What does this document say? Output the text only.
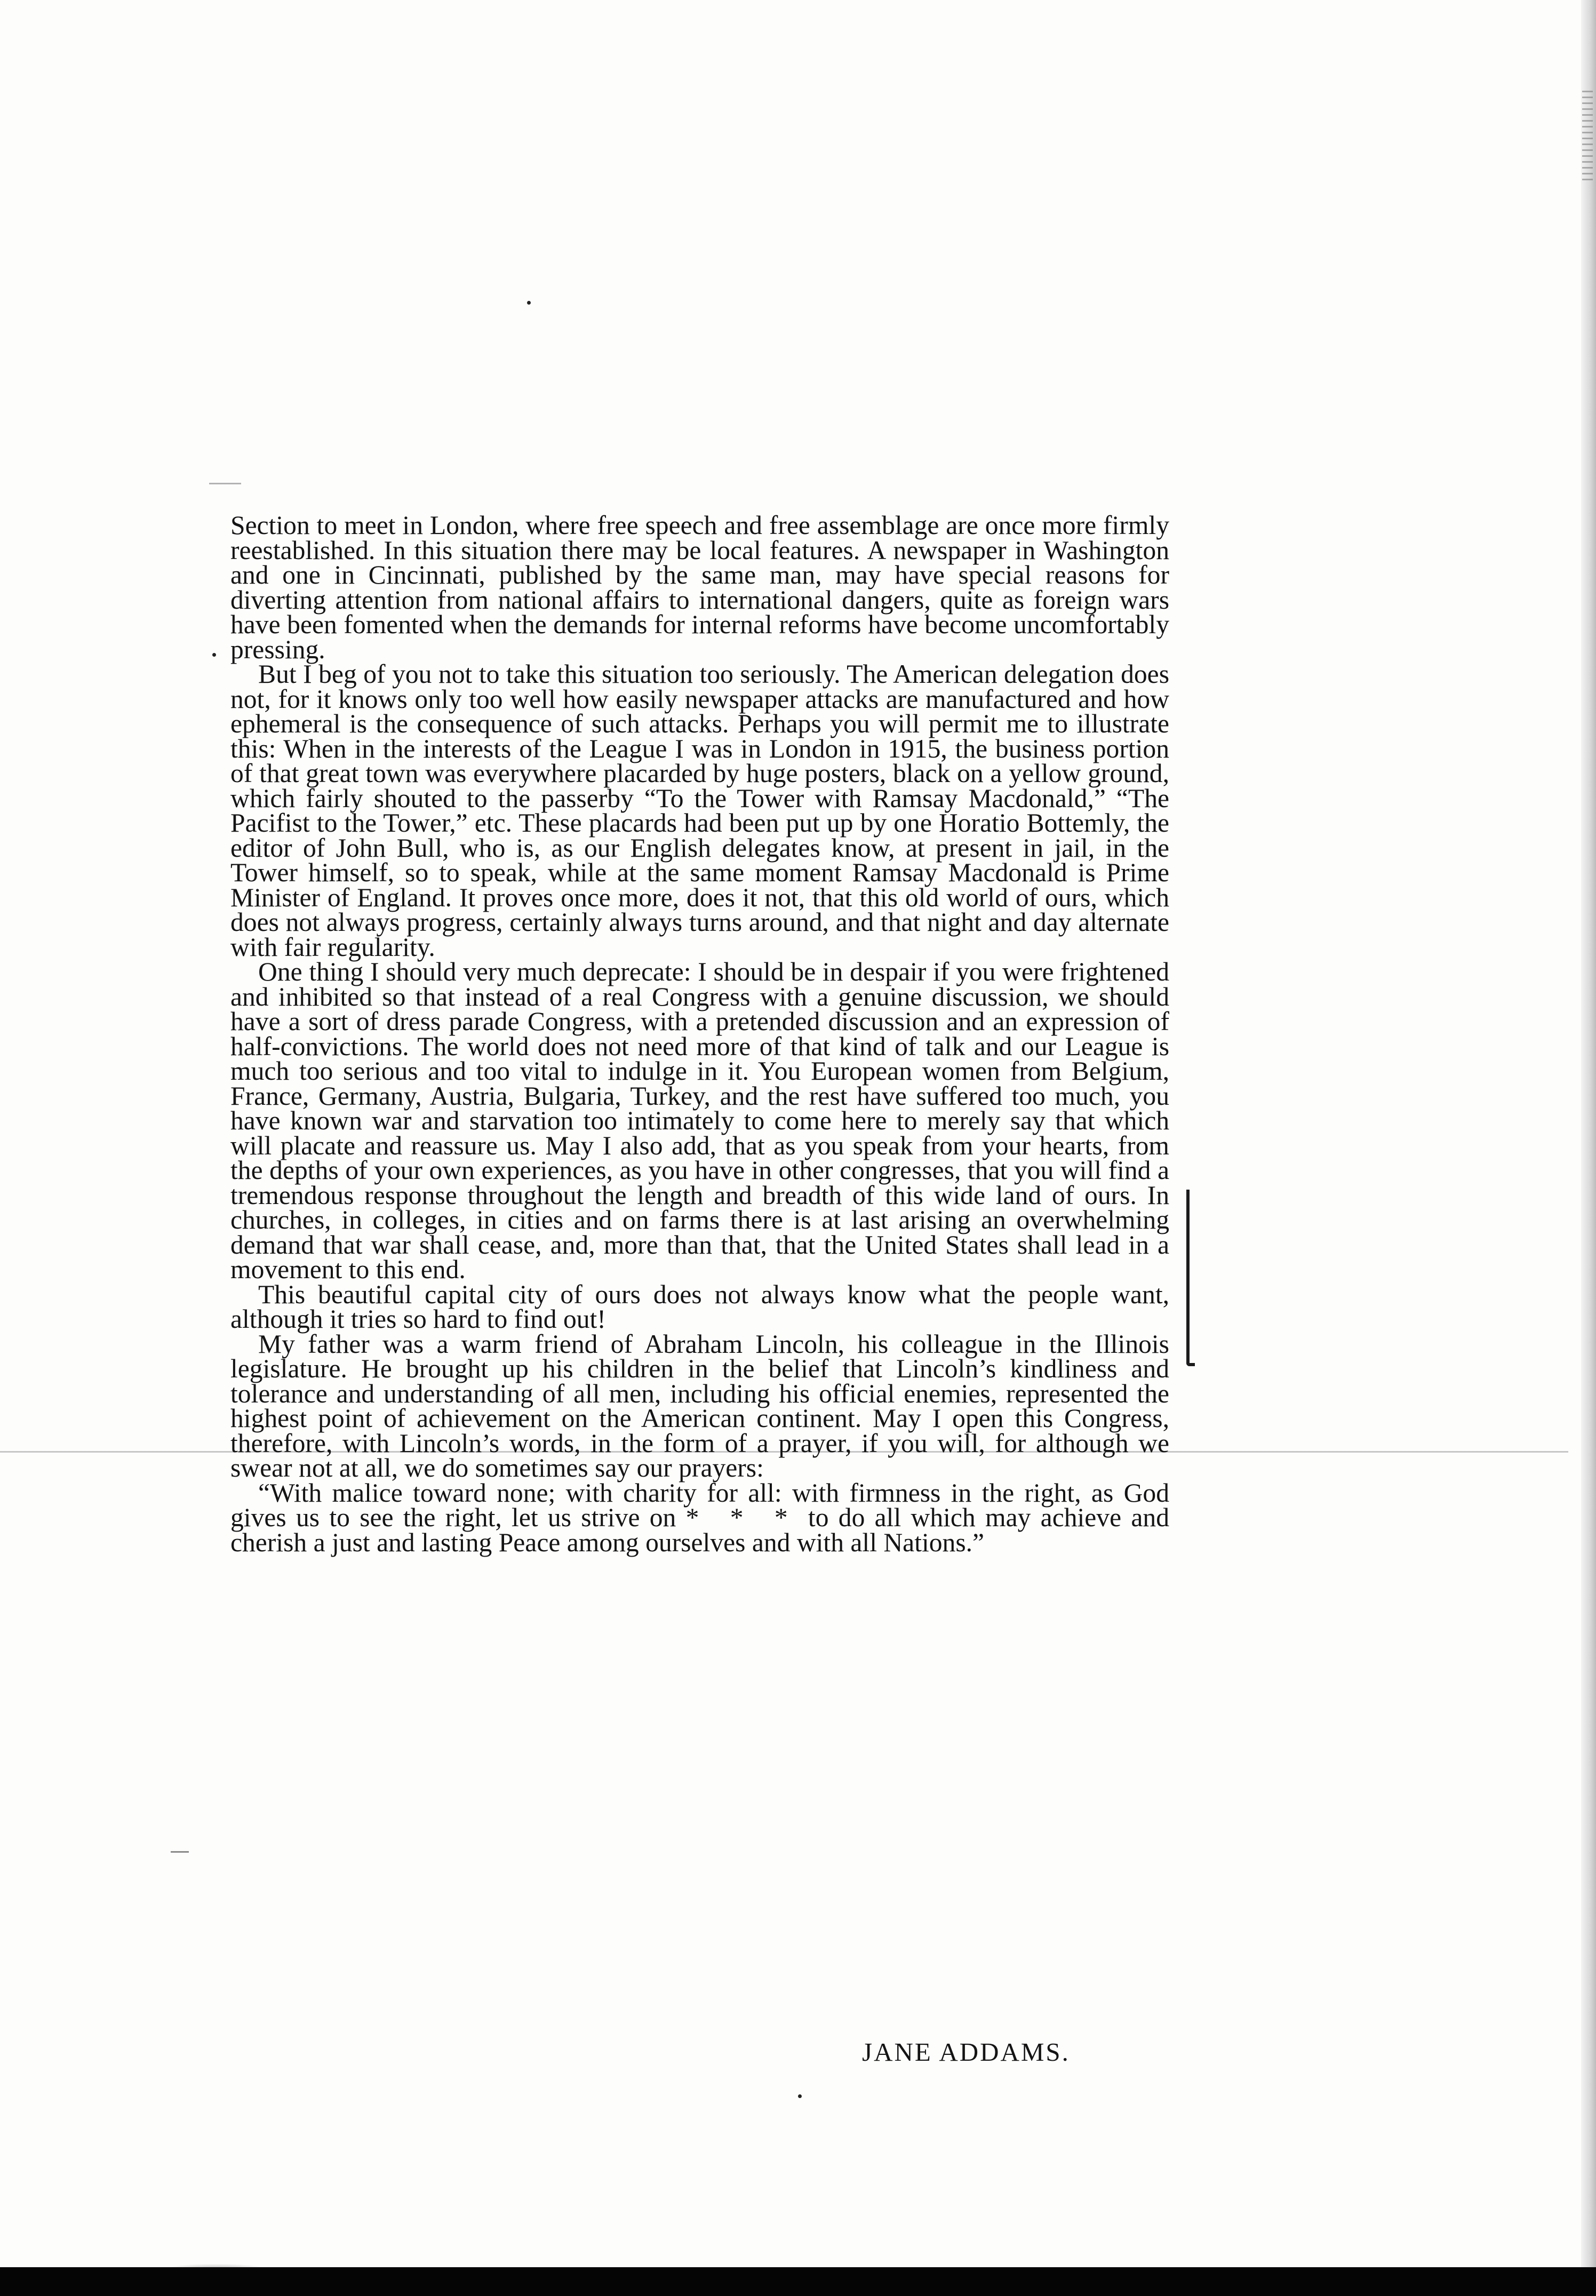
Section to meet in London, where free speech and free assemblage are once more firmly reestablished. In this situation there may be local features. A newspaper in Washington and one in Cincinnati, published by the same man, may have special reasons for diverting attention from national affairs to international dangers, quite as foreign wars have been fomented when the demands for internal reforms have become uncomfortably pressing.

But I beg of you not to take this situation too seriously. The American delegation does not, for it knows only too well how easily newspaper attacks are manufactured and how ephemeral is the consequence of such attacks. Perhaps you will permit me to illustrate this: When in the interests of the League I was in London in 1915, the business portion of that great town was everywhere placarded by huge posters, black on a yellow ground, which fairly shouted to the passerby “To the Tower with Ramsay Macdonald,” “The Pacifist to the Tower,” etc. These placards had been put up by one Horatio Bottemly, the editor of John Bull, who is, as our English delegates know, at present in jail, in the Tower himself, so to speak, while at the same moment Ramsay Macdonald is Prime Minister of England. It proves once more, does it not, that this old world of ours, which does not always progress, certainly always turns around, and that night and day alternate with fair regularity.

One thing I should very much deprecate: I should be in despair if you were frightened and inhibited so that instead of a real Congress with a genuine discussion, we should have a sort of dress parade Congress, with a pretended discussion and an expression of half-convictions. The world does not need more of that kind of talk and our League is much too serious and too vital to indulge in it. You European women from Belgium, France, Germany, Austria, Bulgaria, Turkey, and the rest have suffered too much, you have known war and starvation too intimately to come here to merely say that which will placate and reassure us. May I also add, that as you speak from your hearts, from the depths of your own experiences, as you have in other congresses, that you will find a tremendous response throughout the length and breadth of this wide land of ours. In churches, in colleges, in cities and on farms there is at last arising an overwhelming demand that war shall cease, and, more than that, that the United States shall lead in a movement to this end.

This beautiful capital city of ours does not always know what the people want, although it tries so hard to find out!

My father was a warm friend of Abraham Lincoln, his colleague in the Illinois legislature. He brought up his children in the belief that Lincoln’s kindliness and tolerance and understanding of all men, including his official enemies, represented the highest point of achievement on the American continent. May I open this Congress, therefore, with Lincoln’s words, in the form of a prayer, if you will, for although we swear not at all, we do sometimes say our prayers:

“With malice toward none; with charity for all: with firmness in the right, as God gives us to see the right, let us strive on * * * to do all which may achieve and cherish a just and lasting Peace among ourselves and with all Nations.”

JANE ADDAMS.
